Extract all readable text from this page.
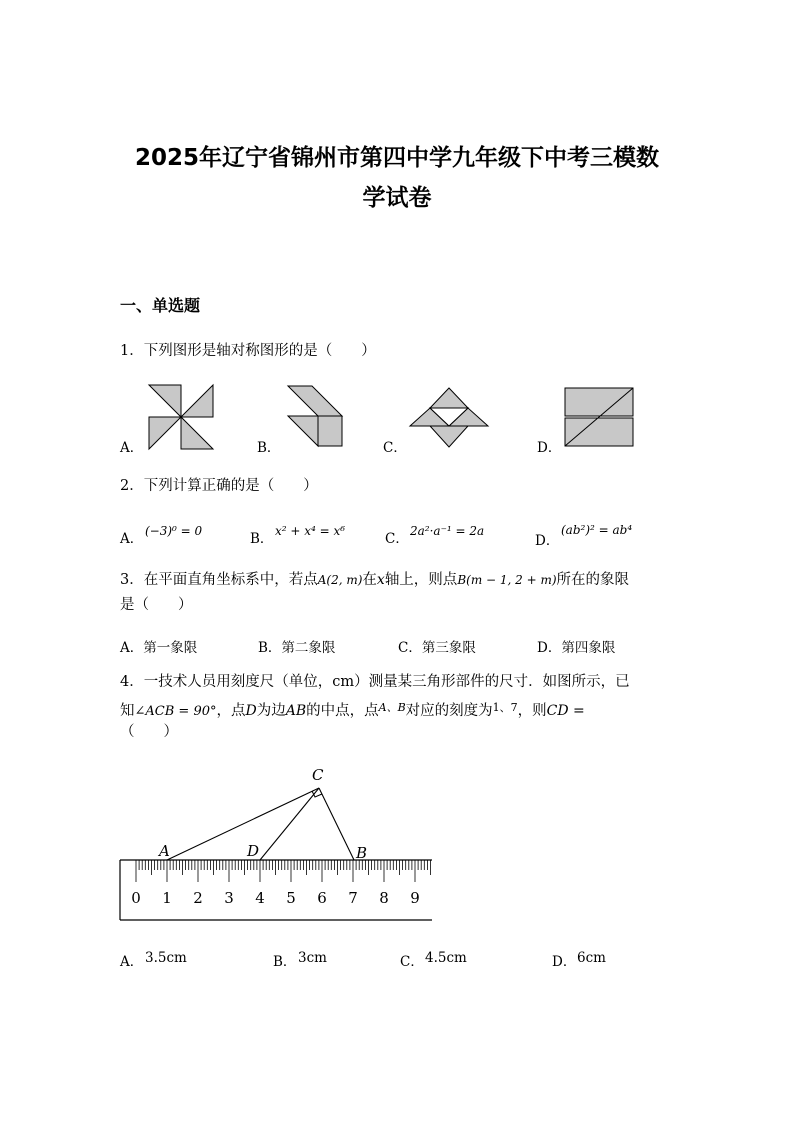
2025年辽宁省锦州市第四中学九年级下中考三模数
学试卷
一、单选题
1．下列图形是轴对称图形的是（　　）
A．	B．	C．	D．
2．下列计算正确的是（　　）
A． (−3)⁰ = 0	B． x² + x⁴ = x⁶	C． 2a²·a⁻¹ = 2a
D．
(ab²)² = ab⁴
3．在平面直角坐标系中，若点A(2, m)在x轴上，则点B(m − 1, 2 + m)所在的象限
是（　　）
A．第一象限	B．第二象限	C．第三象限	D．第四象限
4．一技术人员用刻度尺（单位，cm）测量某三角形部件的尺寸．如图所示，已
知∠ACB = 90°，点D为边AB的中点，点$^{A、B}$对应的刻度为$^{1、7}$，则CD =
（　　）
0 1 2 3 4 5 6 7 8 9
C
A	D	B
A． 3.5cm	B． 3cm	C． 4.5cm	D． 6cm
